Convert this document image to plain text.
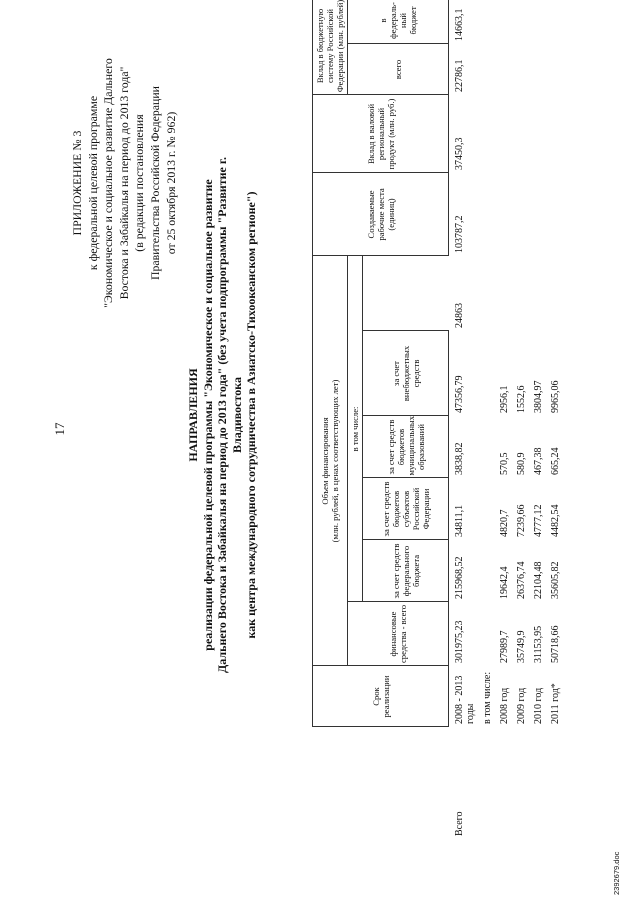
17
ПРИЛОЖЕНИЕ № 3 к федеральной целевой программе "Экономическое и социальное развитие Дальнего Востока и Забайкалья на период до 2013 года" (в редакции постановления Правительства Российской Федерации от 25 октября 2013 г. № 962)
НАПРАВЛЕНИЯ реализации федеральной целевой программы "Экономическое и социальное развитие Дальнего Востока и Забайкалья на период до 2013 года" (без учета подпрограммы "Развитие г. Владивостока как центра международного сотрудничества в Азиатско-Тихоокеанском регионе")
	Срок реализации	Объем финансирования (млн. рублей, в ценах соответствующих лет)						Создаваемые рабочие места (единиц)	Вклад в валовой региональный продукт (млн. руб.)	Вклад в бюджетную систему Российской Федерации (млн. рублей)		
		финансовые средства - всего	в том числе:							всего	в федераль-ный бюджет	
			за счет средств федерального бюджета	за счет средств бюджетов субъектов Российской Федерации	за счет средств бюджетов муниципальных образований	за счет внебюджетных средств						
Всего	2008 - 2013 годы	301975,23	215968,52	34811,1	3838,82	47356,79	24863	103787,2	37450,3	22786,1	14663,1	
	в том числе:											
	2008 год	27989,7	19642,4	4820,7	570,5	2956,1						
	2009 год	35749,9	26376,74	7239,66	580,9	1552,6						
	2010 год	31153,95	22104,48	4777,12	467,38	3804,97						
	2011 год*	50718,66	35605,82	4482,54	665,24	9965,06						
2392679.doc
